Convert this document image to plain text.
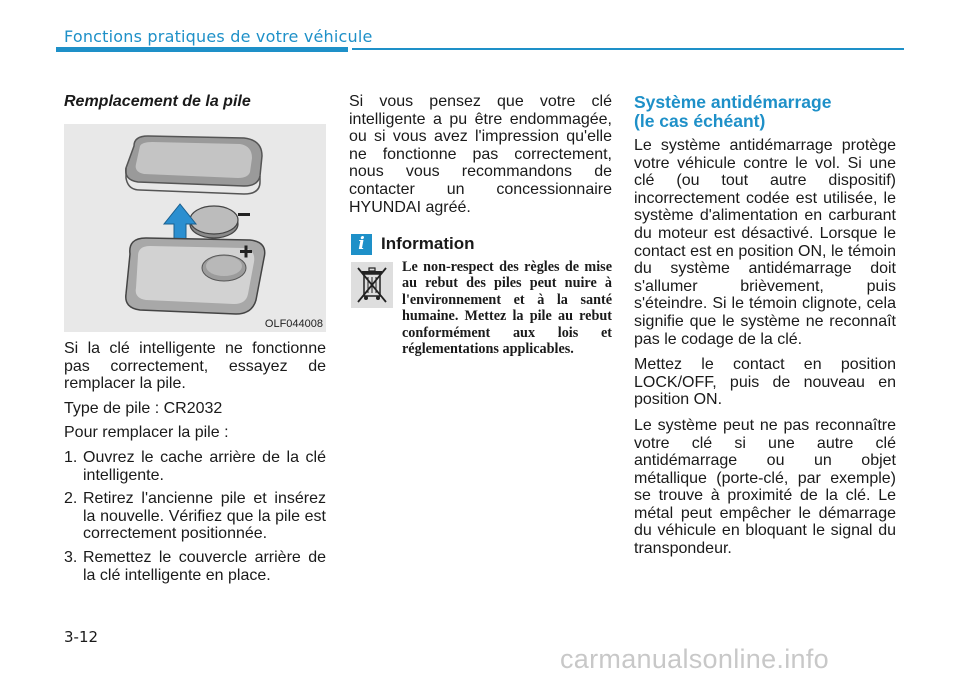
Fonctions pratiques de votre véhicule
Remplacement de la pile
OLF044008

Si la clé intelligente ne fonctionne pas correctement, essayez de remplacer la pile.

Type de pile : CR2032

Pour remplacer la pile :

1. Ouvrez le cache arrière de la clé intelligente.
2. Retirez l'ancienne pile et insérez la nouvelle. Vérifiez que la pile est correctement positionnée.
3. Remettez le couvercle arrière de la clé intelligente en place.

Si vous pensez que votre clé intelligente a pu être endommagée, ou si vous avez l'impression qu'elle ne fonctionne pas correctement, nous vous recommandons de contacter un concessionnaire HYUNDAI agréé.

i Information
Le non-respect des règles de mise au rebut des piles peut nuire à l'environnement et à la santé humaine. Mettez la pile au rebut conformément aux lois et réglementations applicables.
Système antidémarrage
(le cas échéant)

Le système antidémarrage protège votre véhicule contre le vol. Si une clé (ou tout autre dispositif) incorrectement codée est utilisée, le système d'alimentation en carburant du moteur est désactivé. Lorsque le contact est en position ON, le témoin du système antidémarrage doit s'allumer brièvement, puis s'éteindre. Si le témoin clignote, cela signifie que le système ne reconnaît pas le codage de la clé.

Mettez le contact en position LOCK/OFF, puis de nouveau en position ON.

Le système peut ne pas reconnaître votre clé si une autre clé antidémarrage ou un objet métallique (porte-clé, par exemple) se trouve à proximité de la clé. Le métal peut empêcher le démarrage du véhicule en bloquant le signal du transpondeur.

3-12
carmanualsonline.info
